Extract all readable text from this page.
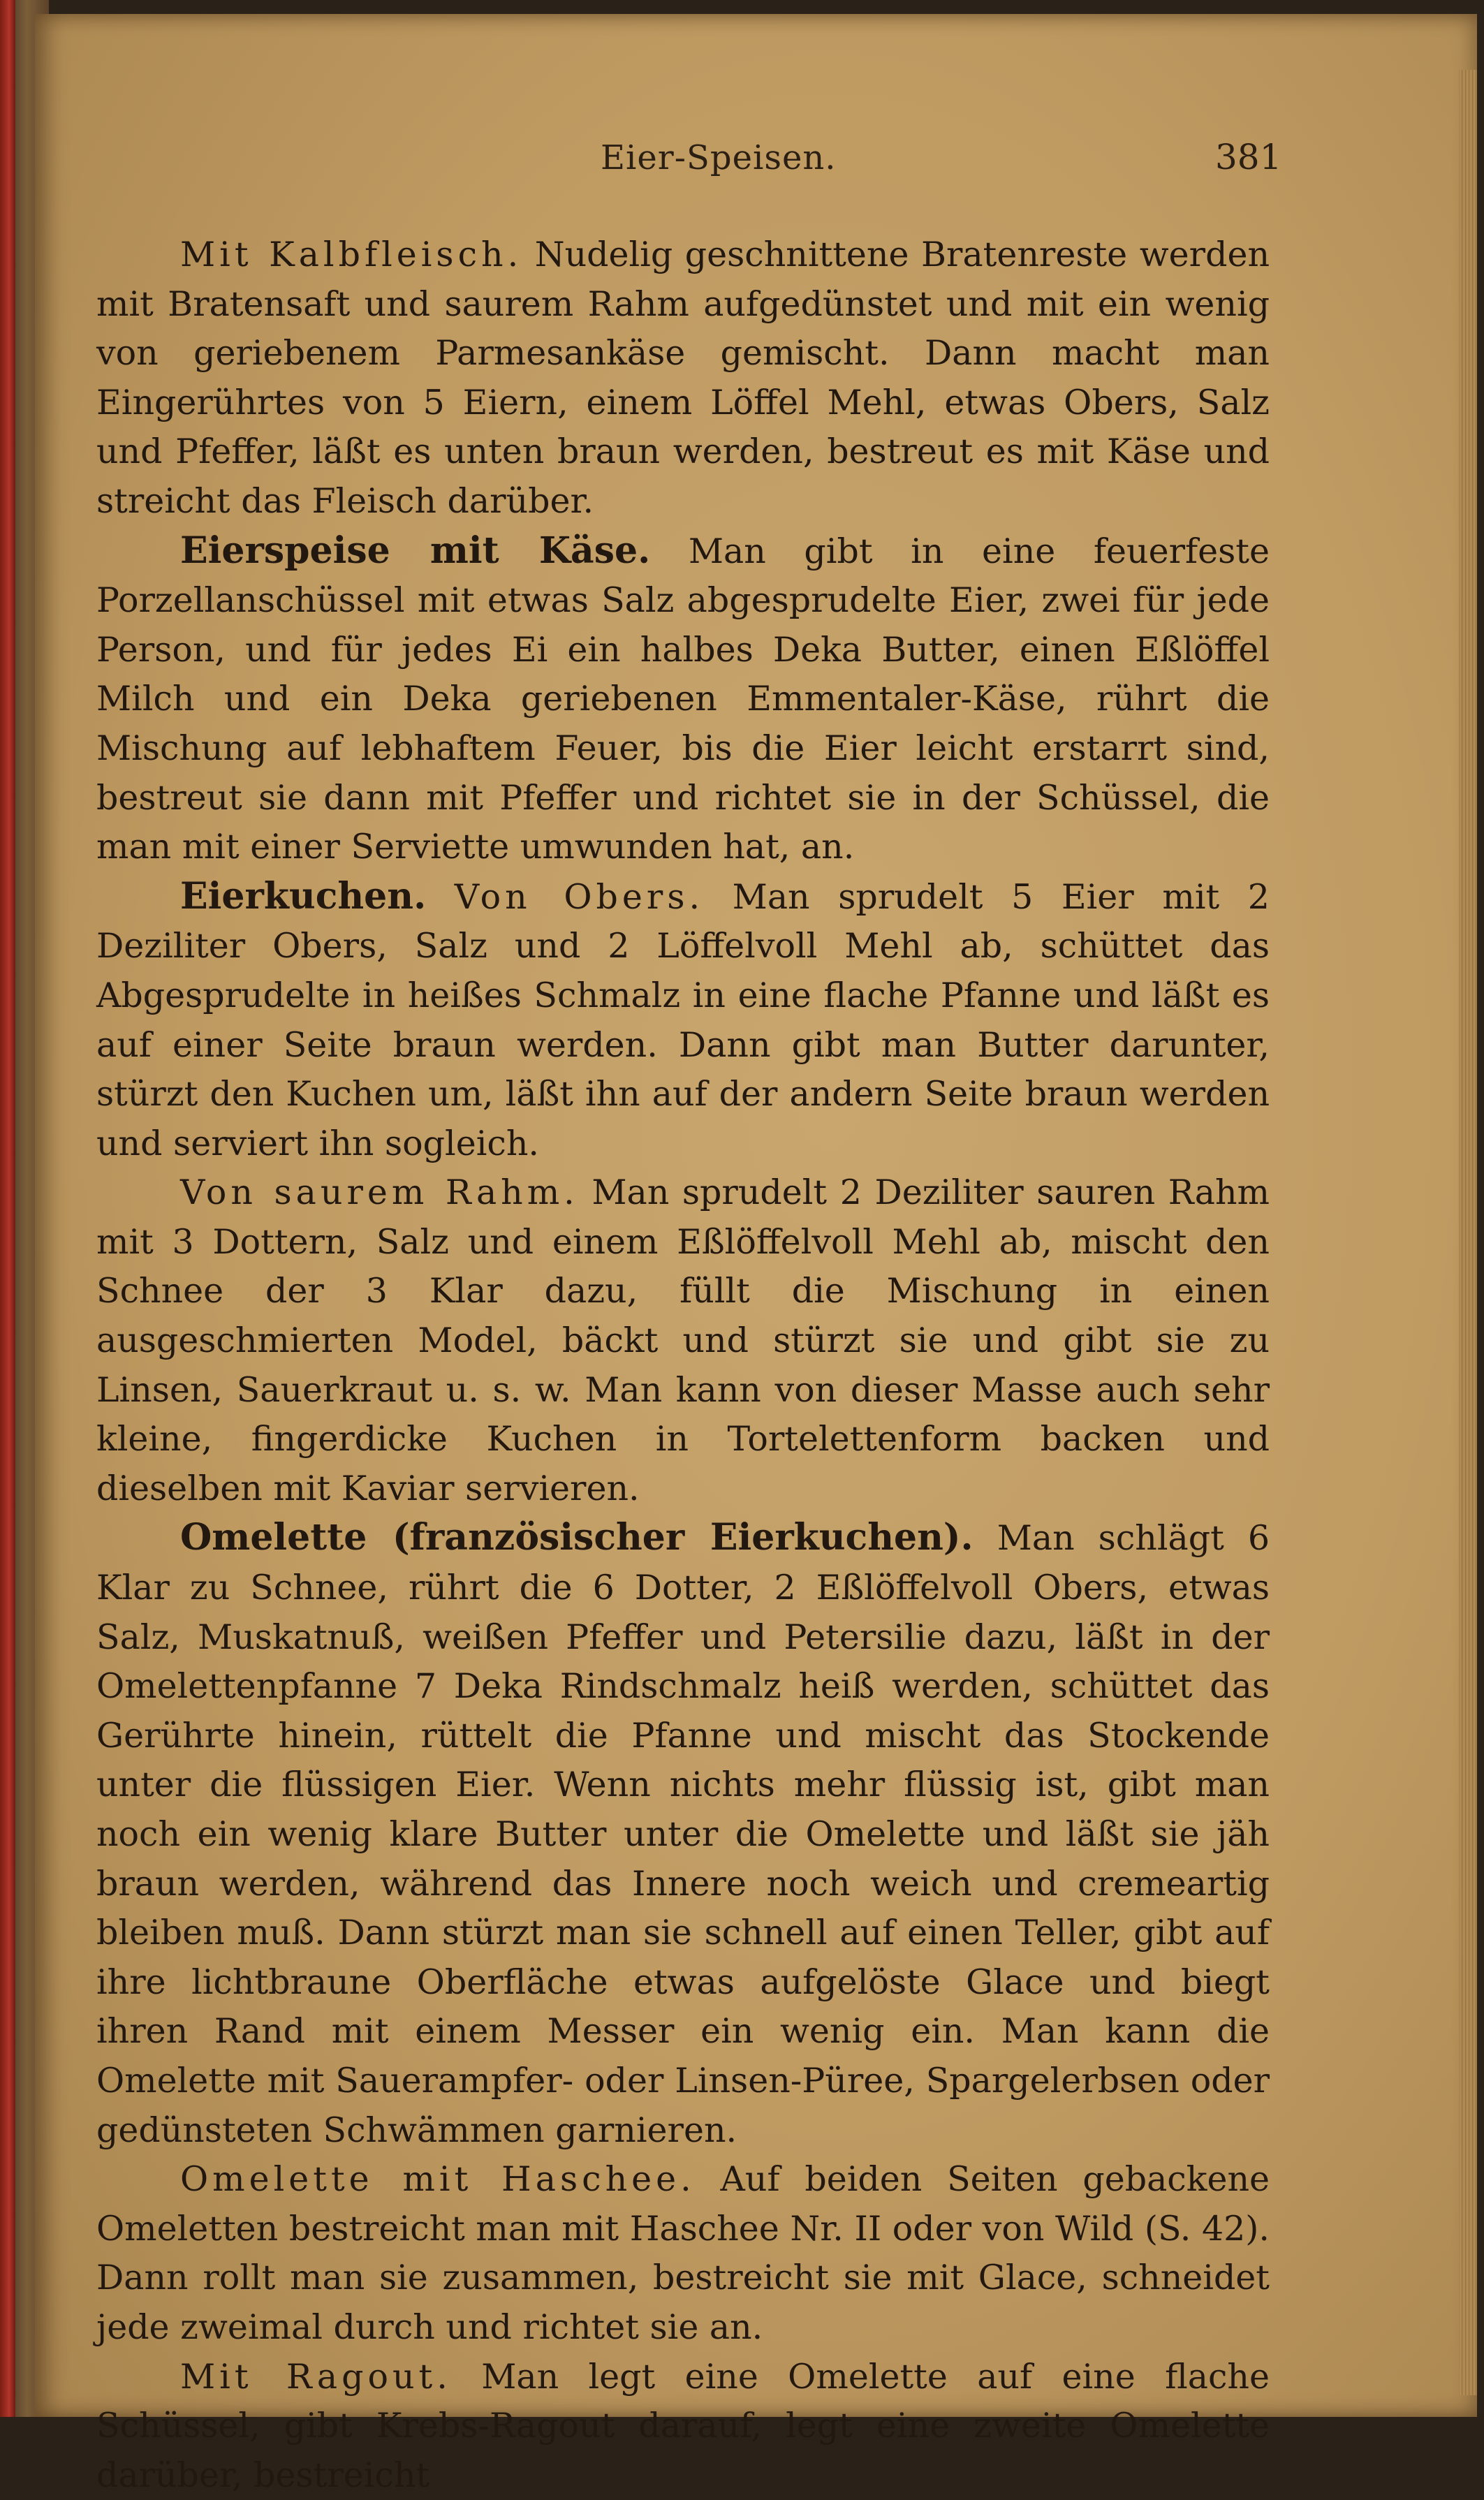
Eier-Speisen.	381

Mit Kalbfleisch. Nudelig geschnittene Bratenreste werden mit Bratensaft und saurem Rahm aufgedünstet und mit ein wenig von geriebenem Parmesankäse gemischt. Dann macht man Eingerührtes von 5 Eiern, einem Löffel Mehl, etwas Obers, Salz und Pfeffer, läßt es unten braun werden, bestreut es mit Käse und streicht das Fleisch darüber.

Eierspeise mit Käse. Man gibt in eine feuerfeste Porzellanschüssel mit etwas Salz abgesprudelte Eier, zwei für jede Person, und für jedes Ei ein halbes Deka Butter, einen Eßlöffel Milch und ein Deka geriebenen Emmentaler-Käse, rührt die Mischung auf lebhaftem Feuer, bis die Eier leicht erstarrt sind, bestreut sie dann mit Pfeffer und richtet sie in der Schüssel, die man mit einer Serviette umwunden hat, an.

Eierkuchen. Von Obers. Man sprudelt 5 Eier mit 2 Deziliter Obers, Salz und 2 Löffelvoll Mehl ab, schüttet das Abgesprudelte in heißes Schmalz in eine flache Pfanne und läßt es auf einer Seite braun werden. Dann gibt man Butter darunter, stürzt den Kuchen um, läßt ihn auf der andern Seite braun werden und serviert ihn sogleich.

Von saurem Rahm. Man sprudelt 2 Deziliter sauren Rahm mit 3 Dottern, Salz und einem Eßlöffelvoll Mehl ab, mischt den Schnee der 3 Klar dazu, füllt die Mischung in einen ausgeschmierten Model, bäckt und stürzt sie und gibt sie zu Linsen, Sauerkraut u. s. w. Man kann von dieser Masse auch sehr kleine, fingerdicke Kuchen in Tortelettenform backen und dieselben mit Kaviar servieren.

Omelette (französischer Eierkuchen). Man schlägt 6 Klar zu Schnee, rührt die 6 Dotter, 2 Eßlöffelvoll Obers, etwas Salz, Muskatnuß, weißen Pfeffer und Petersilie dazu, läßt in der Omelettenpfanne 7 Deka Rindschmalz heiß werden, schüttet das Gerührte hinein, rüttelt die Pfanne und mischt das Stockende unter die flüssigen Eier. Wenn nichts mehr flüssig ist, gibt man noch ein wenig klare Butter unter die Omelette und läßt sie jäh braun werden, während das Innere noch weich und cremeartig bleiben muß. Dann stürzt man sie schnell auf einen Teller, gibt auf ihre lichtbraune Oberfläche etwas aufgelöste Glace und biegt ihren Rand mit einem Messer ein wenig ein. Man kann die Omelette mit Sauerampfer- oder Linsen-Püree, Spargelerbsen oder gedünsteten Schwämmen garnieren.

Omelette mit Haschee. Auf beiden Seiten gebackene Omeletten bestreicht man mit Haschee Nr. II oder von Wild (S. 42). Dann rollt man sie zusammen, bestreicht sie mit Glace, schneidet jede zweimal durch und richtet sie an.

Mit Ragout. Man legt eine Omelette auf eine flache Schüssel, gibt Krebs-Ragout darauf, legt eine zweite Omelette darüber, bestreicht
